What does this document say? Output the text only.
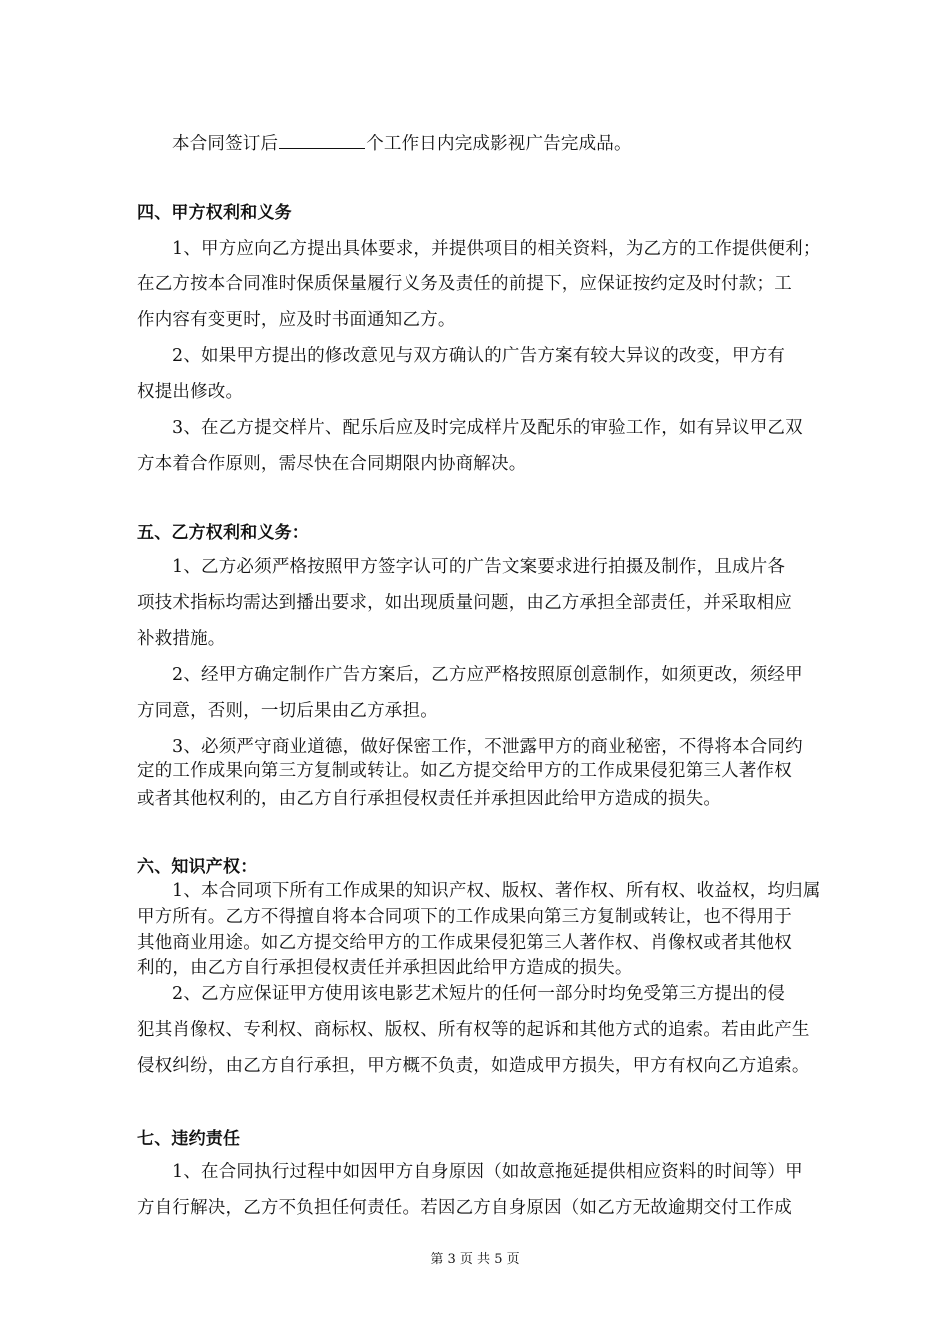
本合同签订后	个工作日内完成影视广告完成品。
四、甲方权利和义务
1、甲方应向乙方提出具体要求，并提供项目的相关资料，为乙方的工作提供便利；
在乙方按本合同准时保质保量履行义务及责任的前提下，应保证按约定及时付款；工
作内容有变更时，应及时书面通知乙方。
2、如果甲方提出的修改意见与双方确认的广告方案有较大异议的改变，甲方有
权提出修改。
3、在乙方提交样片、配乐后应及时完成样片及配乐的审验工作，如有异议甲乙双
方本着合作原则，需尽快在合同期限内协商解决。
五、乙方权利和义务：
1、乙方必须严格按照甲方签字认可的广告文案要求进行拍摄及制作，且成片各
项技术指标均需达到播出要求，如出现质量问题，由乙方承担全部责任，并采取相应
补救措施。
2、经甲方确定制作广告方案后，乙方应严格按照原创意制作，如须更改，须经甲
方同意，否则，一切后果由乙方承担。
3、必须严守商业道德，做好保密工作，不泄露甲方的商业秘密，不得将本合同约
定的工作成果向第三方复制或转让。如乙方提交给甲方的工作成果侵犯第三人著作权
或者其他权利的，由乙方自行承担侵权责任并承担因此给甲方造成的损失。
六、知识产权：
1、本合同项下所有工作成果的知识产权、版权、著作权、所有权、收益权，均归属
甲方所有。乙方不得擅自将本合同项下的工作成果向第三方复制或转让，也不得用于
其他商业用途。如乙方提交给甲方的工作成果侵犯第三人著作权、肖像权或者其他权
利的，由乙方自行承担侵权责任并承担因此给甲方造成的损失。
2、乙方应保证甲方使用该电影艺术短片的任何一部分时均免受第三方提出的侵
犯其肖像权、专利权、商标权、版权、所有权等的起诉和其他方式的追索。若由此产生
侵权纠纷，由乙方自行承担，甲方概不负责，如造成甲方损失，甲方有权向乙方追索。
七、违约责任
1、在合同执行过程中如因甲方自身原因（如故意拖延提供相应资料的时间等）甲
方自行解决，乙方不负担任何责任。若因乙方自身原因（如乙方无故逾期交付工作成
第 3 页 共 5 页
